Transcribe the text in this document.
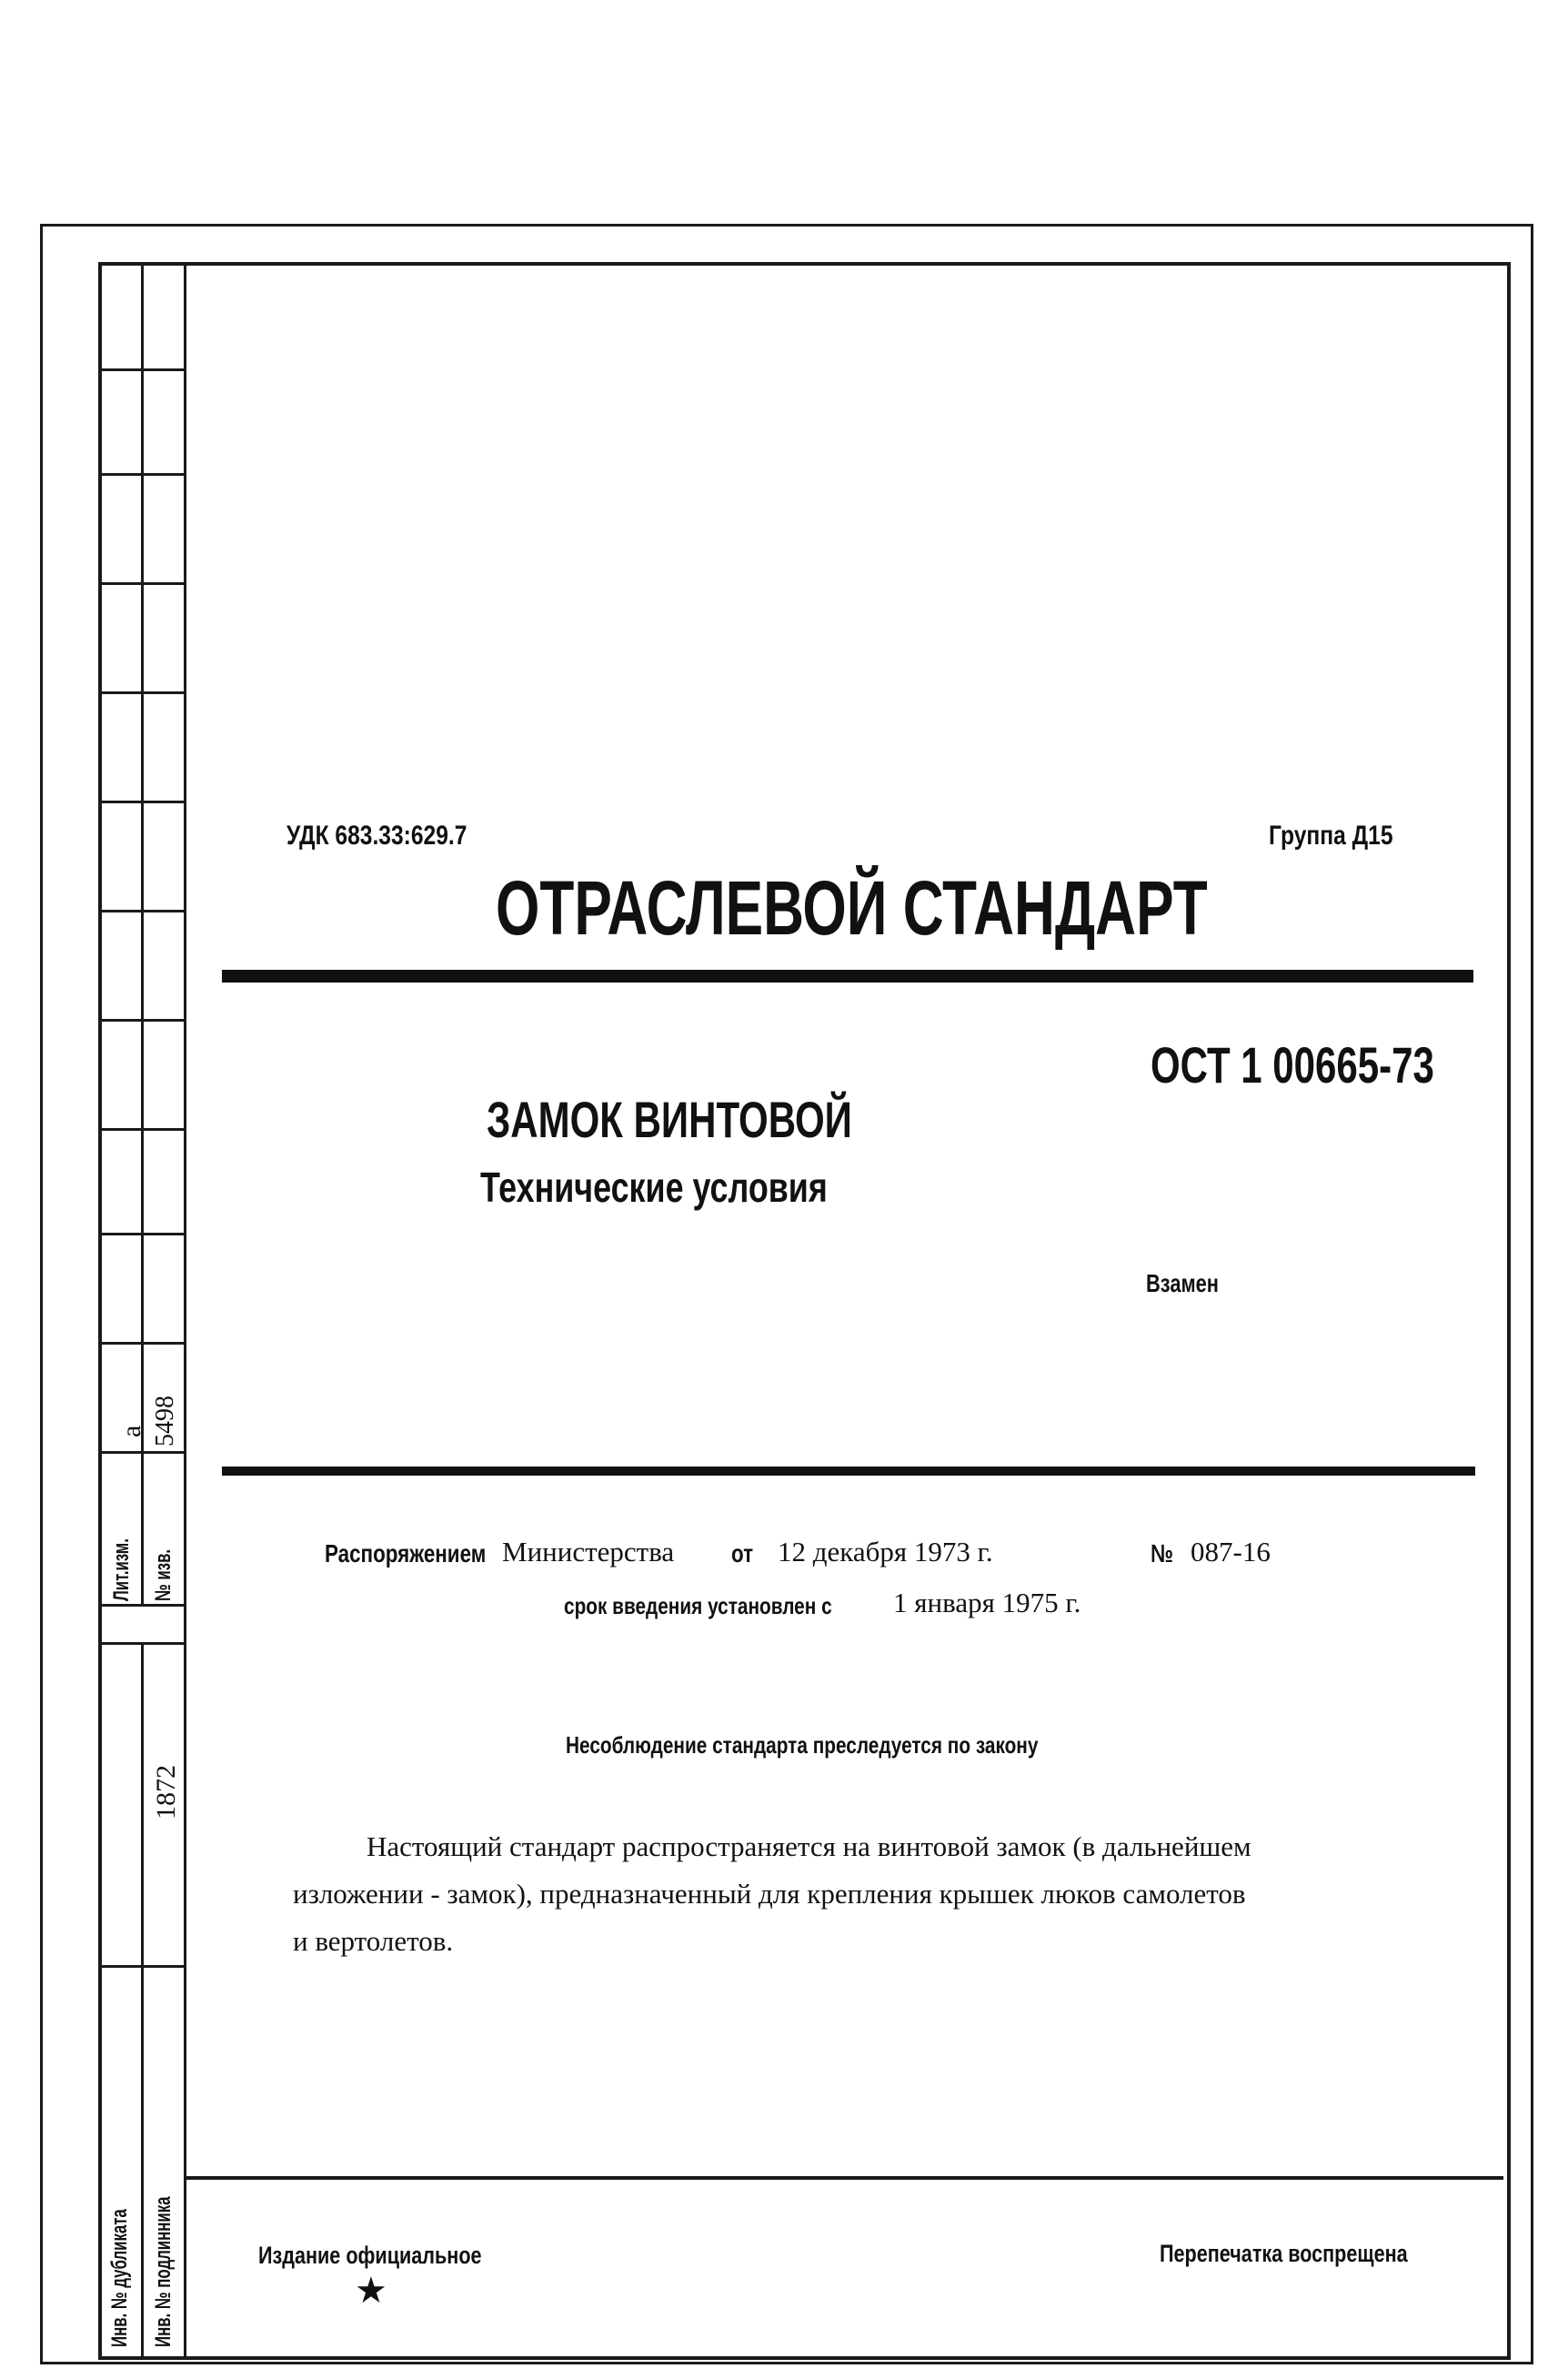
Лит.изм.
а
№ изв.
5498
1872
Инв. № дубликата Инв. № подлинника
УДК 683.33:629.7	Группа Д15
ОТРАСЛЕВОЙ СТАНДАРТ
ОСТ 1 00665-73
ЗАМОК ВИНТОВОЙ
Технические условия
Взамен
Распоряжением Министерства от 12 декабря 1973 г.	№ 087-16
срок введения установлен с 1 января 1975 г.
Несоблюдение стандарта преследуется по закону
Настоящий стандарт распространяется на винтовой замок (в дальнейшем
изложении - замок), предназначенный для крепления крышек люков самолетов
и вертолетов.
Издание официальное
★
Перепечатка воспрещена
